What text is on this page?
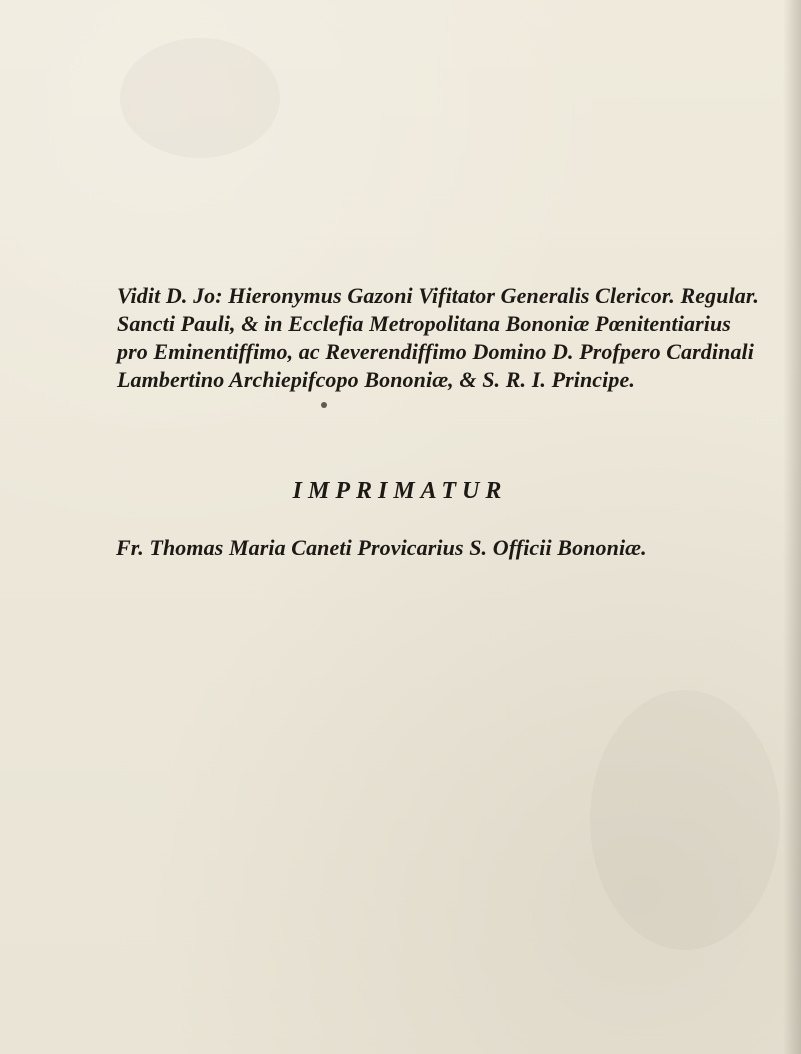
Vidit D. Jo: Hieronymus Gazoni Vifitator Generalis Clericor. Regular.
Sancti Pauli, & in Ecclefia Metropolitana Bononiæ Pœnitentiarius
pro Eminentiffimo, ac Reverendiffimo Domino D. Profpero Cardinali
Lambertino Archiepifcopo Bononiæ, & S. R. I. Principe.

IMPRIMATUR
Fr. Thomas Maria Caneti Provicarius S. Officii Bononiæ.
